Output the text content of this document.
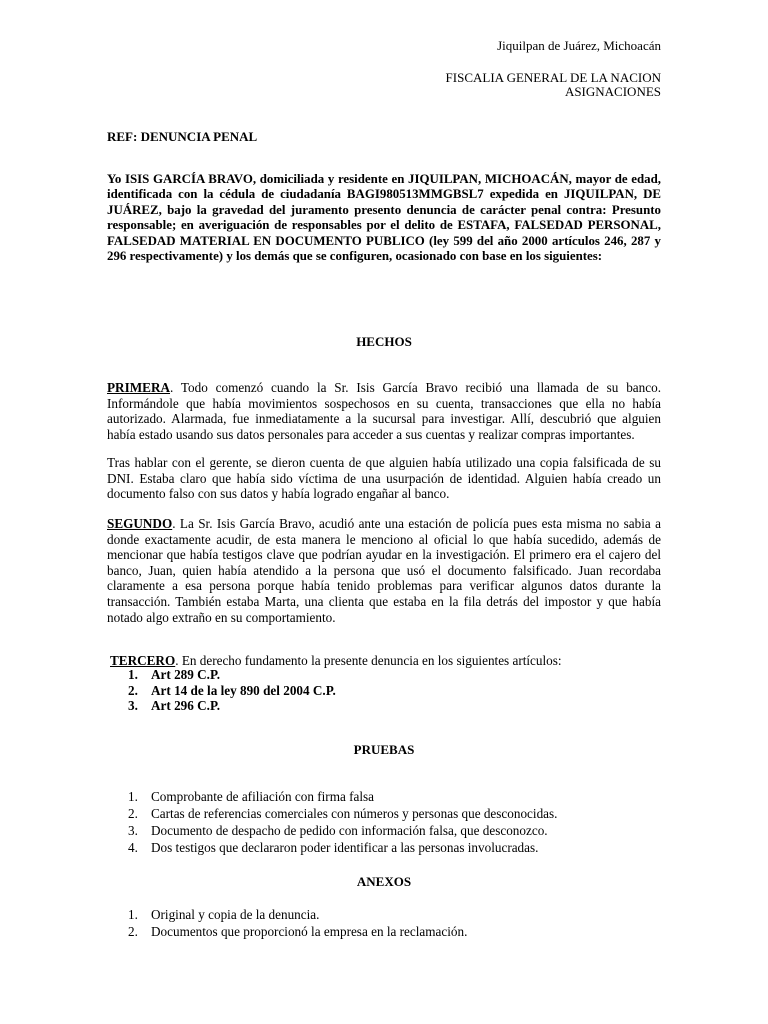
Jiquilpan de Juárez, Michoacán
FISCALIA GENERAL DE LA NACION
ASIGNACIONES
REF: DENUNCIA PENAL
Yo ISIS GARCÍA BRAVO, domiciliada y residente en JIQUILPAN, MICHOACÁN, mayor de edad, identificada con la cédula de ciudadanía BAGI980513MMGBSL7 expedida en JIQUILPAN, DE JUÁREZ, bajo la gravedad del juramento presento denuncia de carácter penal contra: Presunto responsable; en averiguación de responsables por el delito de ESTAFA, FALSEDAD PERSONAL, FALSEDAD MATERIAL EN DOCUMENTO PUBLICO (ley 599 del año 2000 artículos 246, 287 y 296 respectivamente) y los demás que se configuren, ocasionado con base en los siguientes:
HECHOS
PRIMERA. Todo comenzó cuando la Sr. Isis García Bravo recibió una llamada de su banco. Informándole que había movimientos sospechosos en su cuenta, transacciones que ella no había autorizado. Alarmada, fue inmediatamente a la sucursal para investigar. Allí, descubrió que alguien había estado usando sus datos personales para acceder a sus cuentas y realizar compras importantes.
Tras hablar con el gerente, se dieron cuenta de que alguien había utilizado una copia falsificada de su DNI. Estaba claro que había sido víctima de una usurpación de identidad. Alguien había creado un documento falso con sus datos y había logrado engañar al banco.
SEGUNDO. La Sr. Isis García Bravo, acudió ante una estación de policía pues esta misma no sabia a donde exactamente acudir, de esta manera le menciono al oficial lo que había sucedido, además de mencionar que había testigos clave que podrían ayudar en la investigación. El primero era el cajero del banco, Juan, quien había atendido a la persona que usó el documento falsificado. Juan recordaba claramente a esa persona porque había tenido problemas para verificar algunos datos durante la transacción. También estaba Marta, una clienta que estaba en la fila detrás del impostor y que había notado algo extraño en su comportamiento.
TERCERO. En derecho fundamento la presente denuncia en los siguientes artículos:
1. Art 289 C.P.
2. Art 14 de la ley 890 del 2004 C.P.
3. Art 296 C.P.
PRUEBAS
1. Comprobante de afiliación con firma falsa
2. Cartas de referencias comerciales con números y personas que desconocidas.
3. Documento de despacho de pedido con información falsa, que desconozco.
4. Dos testigos que declararon poder identificar a las personas involucradas.
ANEXOS
1. Original y copia de la denuncia.
2. Documentos que proporcionó la empresa en la reclamación.
